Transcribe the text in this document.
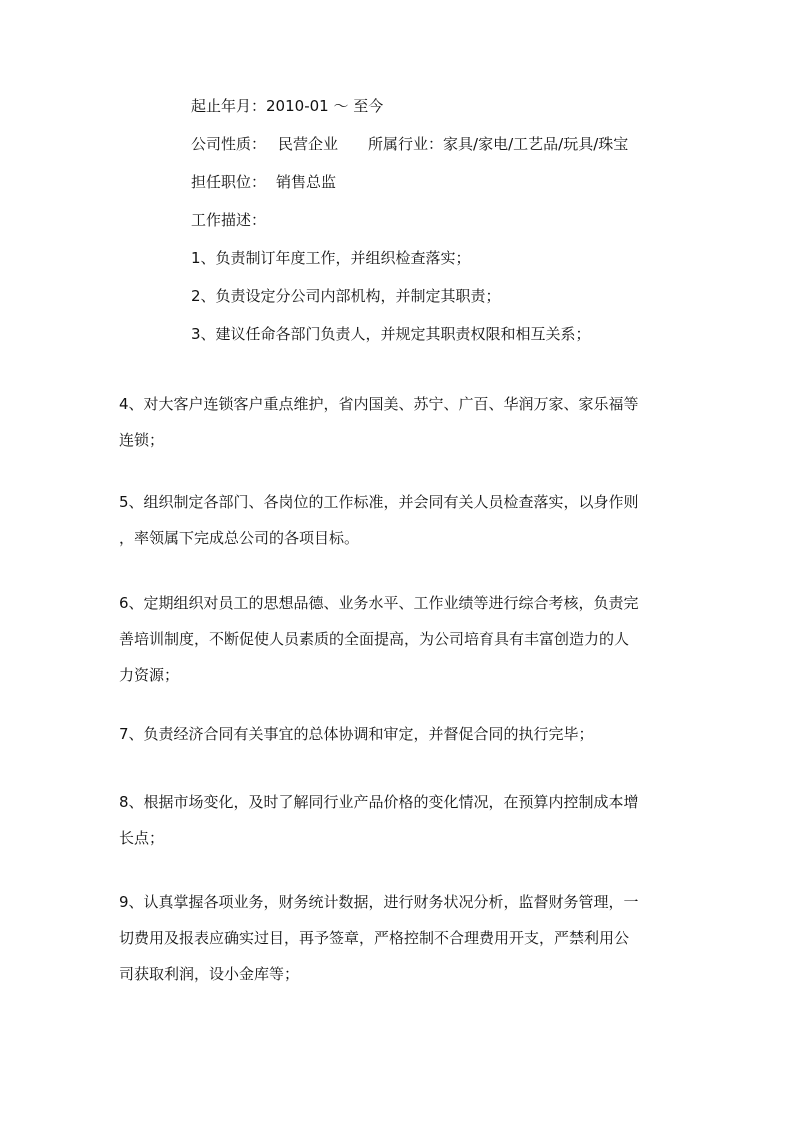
起止年月：2010-01 ～ 至今
公司性质： 民营企业 所属行业：家具/家电/工艺品/玩具/珠宝
担任职位： 销售总监
工作描述：
1、负责制订年度工作，并组织检查落实；
2、负责设定分公司内部机构，并制定其职责；
3、建议任命各部门负责人，并规定其职责权限和相互关系；

4、对大客户连锁客户重点维护，省内国美、苏宁、广百、华润万家、家乐福等

连锁；

5、组织制定各部门、各岗位的工作标准，并会同有关人员检查落实，以身作则

，率领属下完成总公司的各项目标。

6、定期组织对员工的思想品德、业务水平、工作业绩等进行综合考核，负责完

善培训制度，不断促使人员素质的全面提高，为公司培育具有丰富创造力的人

力资源；

7、负责经济合同有关事宜的总体协调和审定，并督促合同的执行完毕；

8、根据市场变化，及时了解同行业产品价格的变化情况，在预算内控制成本增

长点；

9、认真掌握各项业务，财务统计数据，进行财务状况分析，监督财务管理，一

切费用及报表应确实过目，再予签章，严格控制不合理费用开支，严禁利用公

司获取利润，设小金库等；
